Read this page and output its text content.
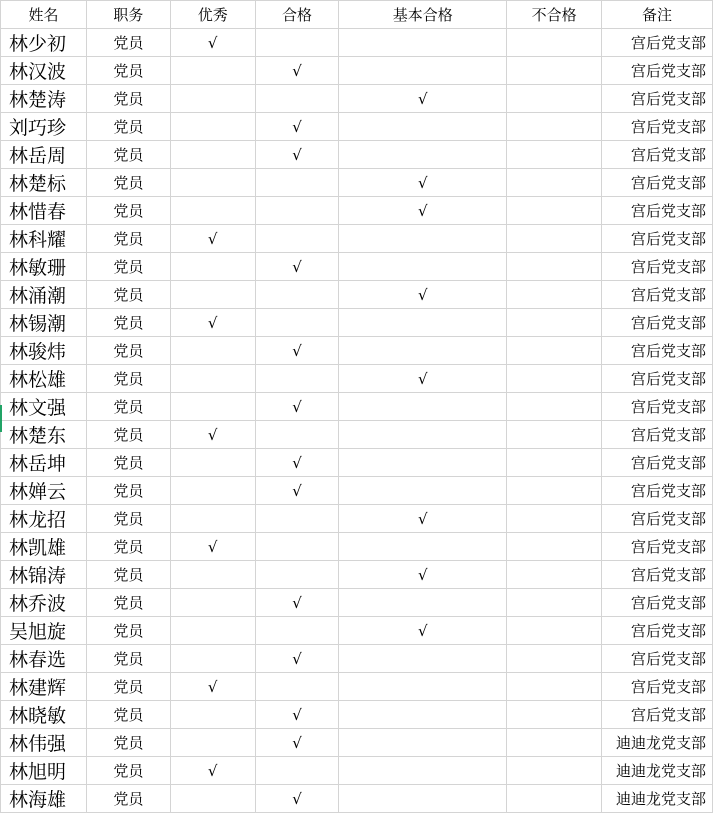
姓名	职务	优秀	合格	基本合格	不合格	备注
林少初	党员	√				宫后党支部
林汉波	党员		√			宫后党支部
林楚涛	党员			√		宫后党支部
刘巧珍	党员		√			宫后党支部
林岳周	党员		√			宫后党支部
林楚标	党员			√		宫后党支部
林惜春	党员			√		宫后党支部
林科耀	党员	√				宫后党支部
林敏珊	党员		√			宫后党支部
林涌潮	党员			√		宫后党支部
林锡潮	党员	√				宫后党支部
林骏炜	党员		√			宫后党支部
林松雄	党员			√		宫后党支部
林文强	党员		√			宫后党支部
林楚东	党员	√				宫后党支部
林岳坤	党员		√			宫后党支部
林婵云	党员		√			宫后党支部
林龙招	党员			√		宫后党支部
林凯雄	党员	√				宫后党支部
林锦涛	党员			√		宫后党支部
林乔波	党员		√			宫后党支部
吴旭旋	党员			√		宫后党支部
林春选	党员		√			宫后党支部
林建辉	党员	√				宫后党支部
林晓敏	党员		√			宫后党支部
林伟强	党员		√			迪迪龙党支部
林旭明	党员	√				迪迪龙党支部
林海雄	党员		√			迪迪龙党支部
